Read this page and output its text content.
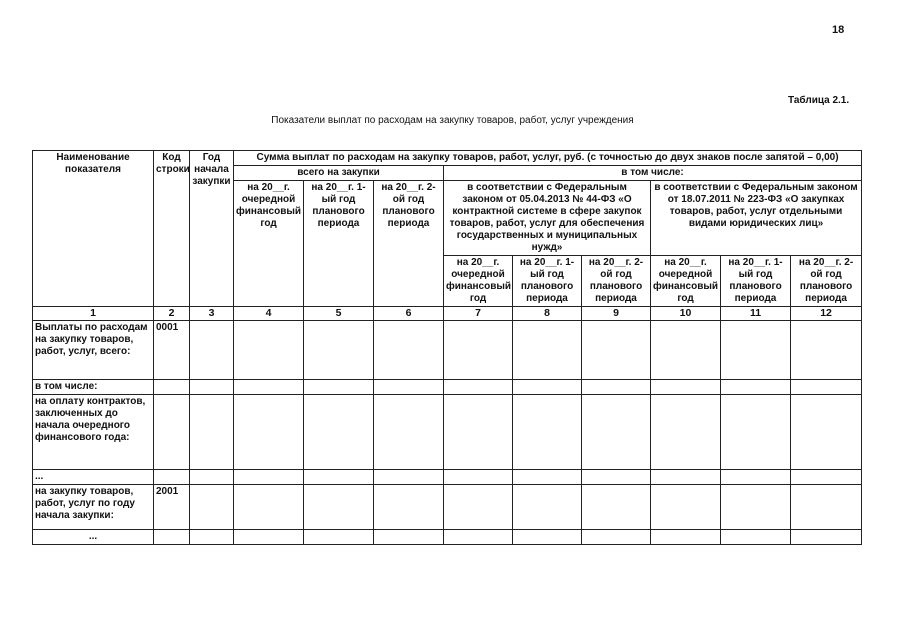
18
Таблица 2.1.
Показатели выплат по расходам на закупку товаров, работ, услуг учреждения
Наименование показателя	Код строки	Год начала закупки	Сумма выплат по расходам на закупку товаров, работ, услуг, руб. (с точностью до двух знаков после запятой – 0,00)								
			всего на закупки			в том числе:					
			на 20__г. очередной финансовый год	на 20__г. 1-ый год планового периода	на 20__г. 2-ой год планового периода	в соответствии с Федеральным законом от 05.04.2013 № 44-ФЗ «О контрактной системе в сфере закупок товаров, работ, услуг для обеспечения государственных и муниципальных нужд»			в соответствии с Федеральным законом от 18.07.2011 № 223-ФЗ «О закупках товаров, работ, услуг отдельными видами юридических лиц»		
						на 20__г. очередной финансовый год	на 20__г. 1-ый год планового периода	на 20__г. 2-ой год планового периода	на 20__г. очередной финансовый год	на 20__г. 1-ый год планового периода	на 20__г. 2-ой год планового периода
1	2	3	4	5	6	7	8	9	10	11	12
Выплаты по расходам на закупку товаров, работ, услуг, всего:	0001										
в том числе:											
на оплату контрактов, заключенных до начала очередного финансового года:											
...											
на закупку товаров, работ, услуг по году начала закупки:	2001										
...											
